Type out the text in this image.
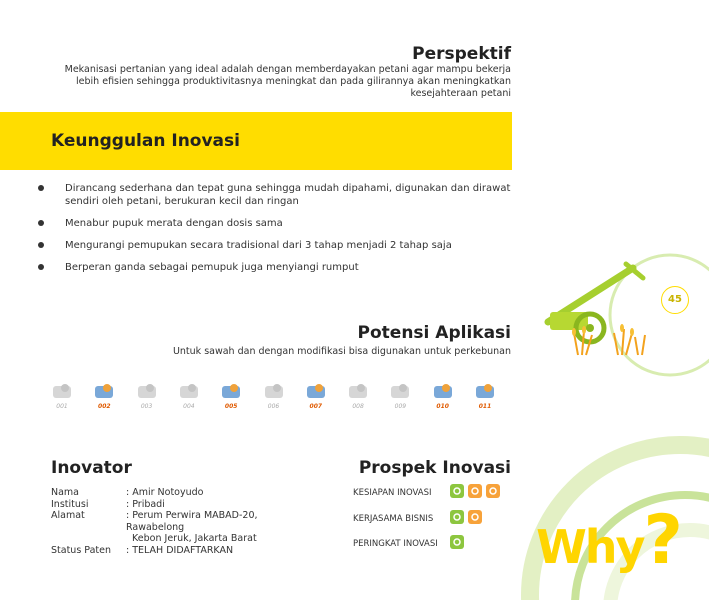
Perspektif
Mekanisasi pertanian yang ideal adalah dengan memberdayakan petani agar mampu bekerja lebih efisien sehingga produktivitasnya meningkat dan pada gilirannya akan meningkatkan kesejahteraan petani
Keunggulan Inovasi
Dirancang sederhana dan tepat guna sehingga mudah dipahami, digunakan dan dirawat sendiri oleh petani, berukuran kecil dan ringan
Menabur pupuk merata dengan dosis sama
Mengurangi pemupukan secara tradisional dari 3 tahap menjadi 2 tahap saja
Berperan ganda sebagai pemupuk juga menyiangi rumput
45
Potensi Aplikasi
Untuk sawah dan dengan modifikasi bisa digunakan untuk perkebunan
001	002	003	004	005	006	007	008	009	010	011
Inovator
Nama	: Amir Notoyudo
Institusi	: Pribadi
Alamat	: Perum Perwira MABAD-20, Rawabelong
Kebon Jeruk, Jakarta Barat
Status Paten	: TELAH DIDAFTARKAN
Prospek Inovasi
KESIAPAN INOVASI
KERJASAMA BISNIS
PERINGKAT INOVASI Why?
